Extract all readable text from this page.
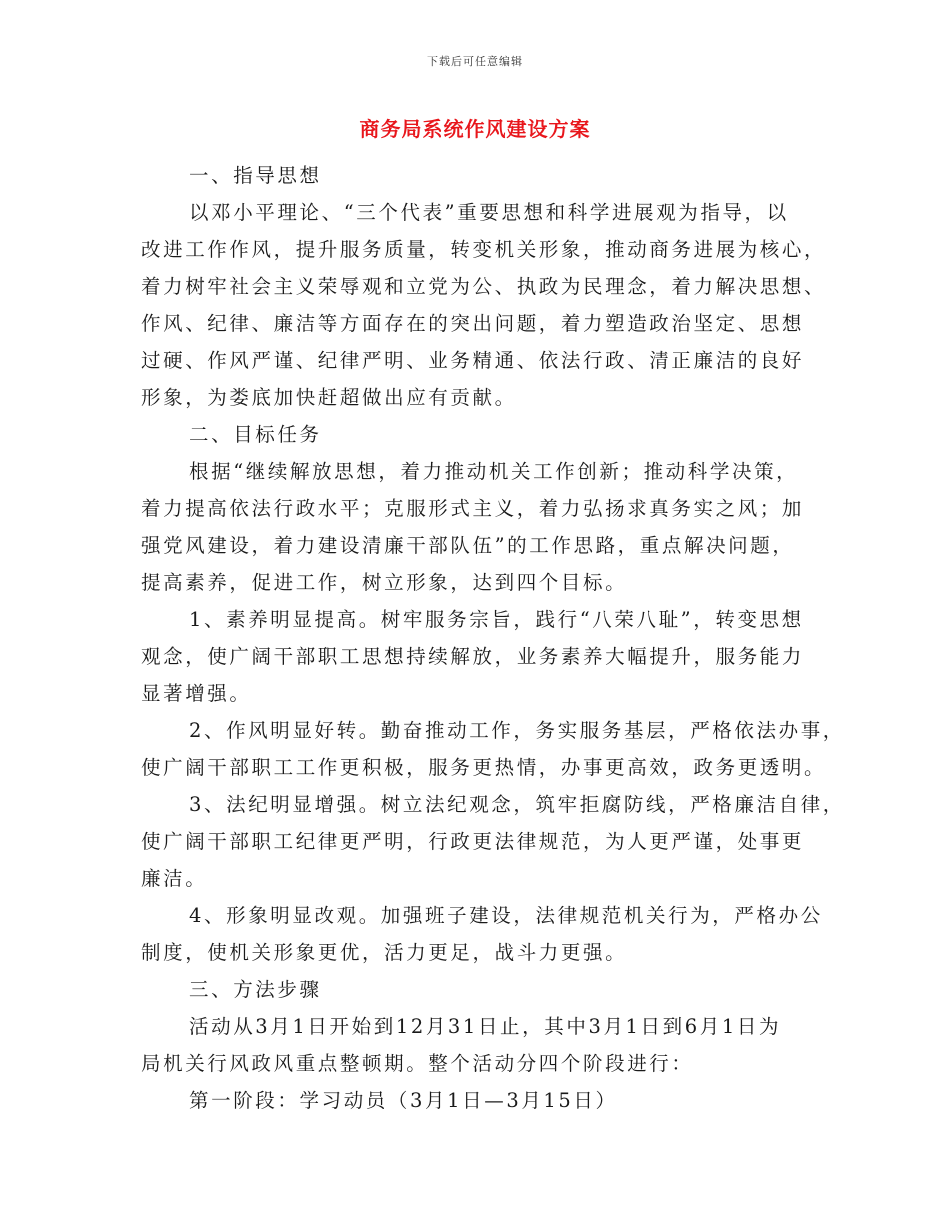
下载后可任意编辑
商务局系统作风建设方案

一、指导思想

以邓小平理论、“三个代表”重要思想和科学进展观为指导，以

改进工作作风，提升服务质量，转变机关形象，推动商务进展为核心，

着力树牢社会主义荣辱观和立党为公、执政为民理念，着力解决思想、

作风、纪律、廉洁等方面存在的突出问题，着力塑造政治坚定、思想

过硬、作风严谨、纪律严明、业务精通、依法行政、清正廉洁的良好

形象，为娄底加快赶超做出应有贡献。

二、目标任务

根据“继续解放思想，着力推动机关工作创新；推动科学决策，

着力提高依法行政水平；克服形式主义，着力弘扬求真务实之风；加

强党风建设，着力建设清廉干部队伍”的工作思路，重点解决问题，

提高素养，促进工作，树立形象，达到四个目标。

1、素养明显提高。树牢服务宗旨，践行“八荣八耻”，转变思想

观念，使广阔干部职工思想持续解放，业务素养大幅提升，服务能力

显著增强。

2、作风明显好转。勤奋推动工作，务实服务基层，严格依法办事，

使广阔干部职工工作更积极，服务更热情，办事更高效，政务更透明。

3、法纪明显增强。树立法纪观念，筑牢拒腐防线，严格廉洁自律，

使广阔干部职工纪律更严明，行政更法律规范，为人更严谨，处事更

廉洁。

4、形象明显改观。加强班子建设，法律规范机关行为，严格办公

制度，使机关形象更优，活力更足，战斗力更强。

三、方法步骤

活动从3月1日开始到12月31日止，其中3月1日到6月1日为

局机关行风政风重点整顿期。整个活动分四个阶段进行：

第一阶段：学习动员（3月1日—3月15日）
